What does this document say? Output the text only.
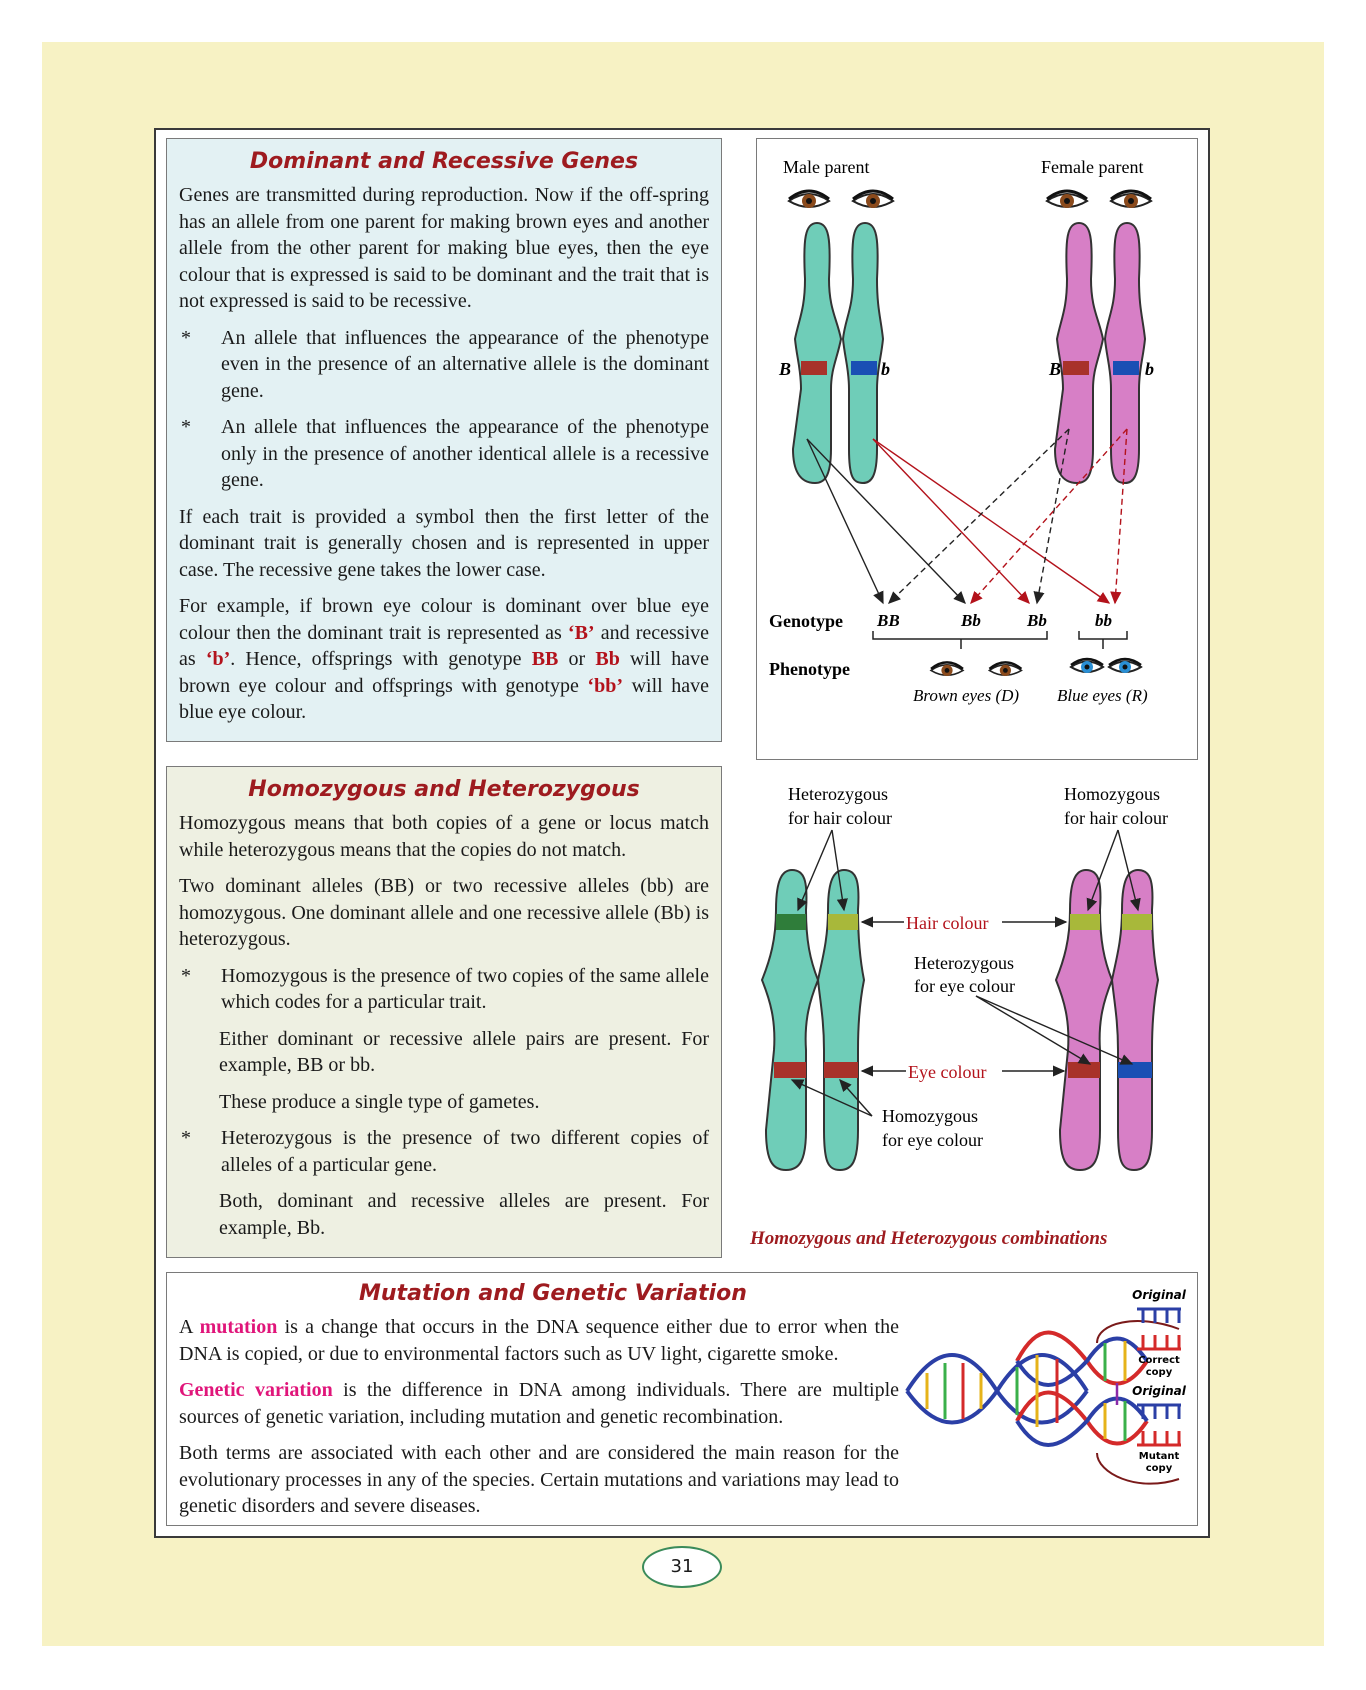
Dominant and Recessive Genes

Genes are transmitted during reproduction. Now if the off-spring has an allele from one parent for making brown eyes and another allele from the other parent for making blue eyes, then the eye colour that is expressed is said to be dominant and the trait that is not expressed is said to be recessive.

*	An allele that influences the appearance of the phenotype even in the presence of an alternative allele is the dominant gene.
*	An allele that influences the appearance of the phenotype only in the presence of another identical allele is a recessive gene.

If each trait is provided a symbol then the first letter of the dominant trait is generally chosen and is represented in upper case. The recessive gene takes the lower case.

For example, if brown eye colour is dominant over blue eye colour then the dominant trait is represented as ‘B’ and recessive as ‘b’. Hence, offsprings with genotype BB or Bb will have brown eye colour and offsprings with genotype ‘bb’ will have blue eye colour.

Male parent	Female parent
B	b	B	b
Genotype BB	Bb	Bb	bb
Phenotype
Brown eyes (D) Blue eyes (R)
Homozygous and Heterozygous

Homozygous means that both copies of a gene or locus match while heterozygous means that the copies do not match.

Two dominant alleles (BB) or two recessive alleles (bb) are homozygous. One dominant allele and one recessive allele (Bb) is heterozygous.

*	Homozygous is the presence of two copies of the same allele which codes for a particular trait.
Either dominant or recessive allele pairs are present. For example, BB or bb.
These produce a single type of gametes.
*	Heterozygous is the presence of two different copies of alleles of a particular gene.
Both, dominant and recessive alleles are present. For example, Bb.
Heterozygous
for hair colour
Homozygous
for hair colour
Hair colour
Heterozygous
for eye colour
Eye colour
Homozygous
for eye colour
Homozygous and Heterozygous combinations
Mutation and Genetic Variation

A mutation is a change that occurs in the DNA sequence either due to error when the DNA is copied, or due to environmental factors such as UV light, cigarette smoke.

Genetic variation is the difference in DNA among individuals. There are multiple sources of genetic variation, including mutation and genetic recombination.

Both terms are associated with each other and are considered the main reason for the evolutionary processes in any of the species. Certain mutations and variations may lead to genetic disorders and severe diseases.

Original
Correct
copy
Original
Mutant
copy
31
